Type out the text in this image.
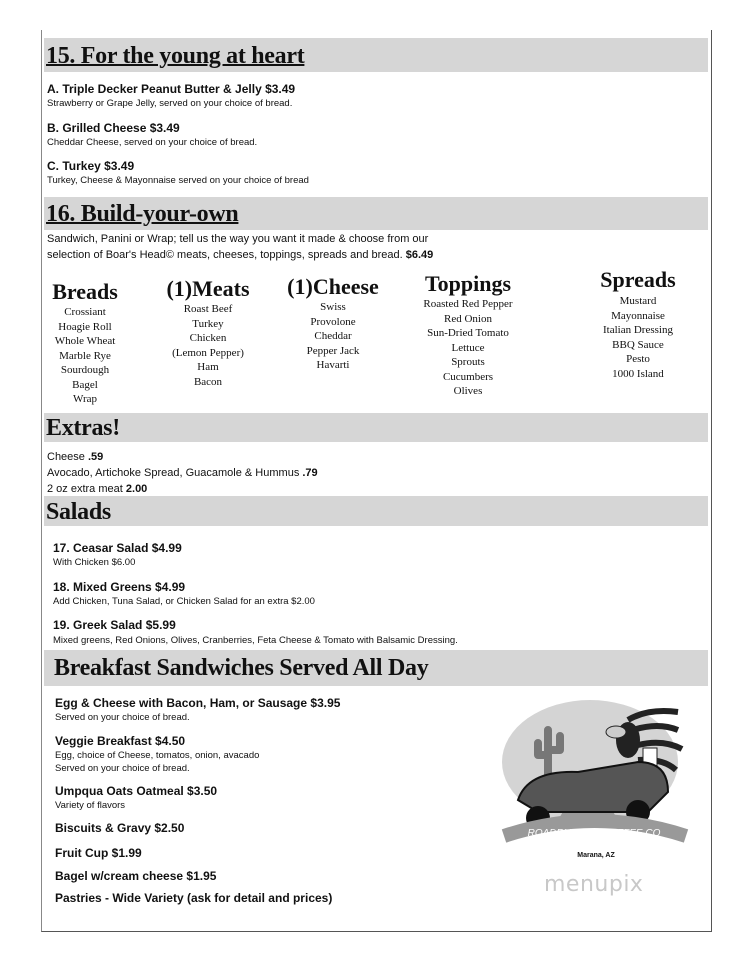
15. For the young at heart
A. Triple Decker Peanut Butter & Jelly $3.49
Strawberry or Grape Jelly, served on your choice of bread.
B. Grilled Cheese $3.49
Cheddar Cheese, served on your choice of bread.
C. Turkey $3.49
Turkey, Cheese & Mayonnaise served on your choice of bread
16. Build-your-own
Sandwich, Panini or Wrap; tell us the way you want it made & choose from our
selection of Boar's Head© meats, cheeses, toppings, spreads and bread. $6.49
Breads
Crossiant
Hoagie Roll
Whole Wheat
Marble Rye
Sourdough
Bagel
Wrap
(1)Meats
Roast Beef
Turkey
Chicken
(Lemon Pepper)
Ham
Bacon
(1)Cheese
Swiss
Provolone
Cheddar
Pepper Jack
Havarti
Toppings
Roasted Red Pepper
Red Onion
Sun-Dried Tomato
Lettuce
Sprouts
Cucumbers
Olives
Spreads
Mustard
Mayonnaise
Italian Dressing
BBQ Sauce
Pesto
1000 Island
Extras!
Cheese .59
Avocado, Artichoke Spread, Guacamole & Hummus .79
2 oz extra meat 2.00
Salads
17. Ceasar Salad $4.99
With Chicken $6.00
18. Mixed Greens $4.99
Add Chicken, Tuna Salad, or Chicken Salad for an extra $2.00
19. Greek Salad $5.99
Mixed greens, Red Onions, Olives, Cranberries, Feta Cheese & Tomato with Balsamic Dressing.
Breakfast Sandwiches Served All Day
Egg & Cheese with Bacon, Ham, or Sausage $3.95
Served on your choice of bread.
Veggie Breakfast $4.50
Egg, choice of Cheese, tomatos, onion, avacado
Served on your choice of bread.
Umpqua Oats Oatmeal $3.50
Variety of flavors
Biscuits & Gravy $2.50
Fruit Cup $1.99
Bagel w/cream cheese $1.95
Pastries - Wide Variety (ask for detail and prices)
ROADRUNNER COFFEE CO
Marana, AZ
menupix
